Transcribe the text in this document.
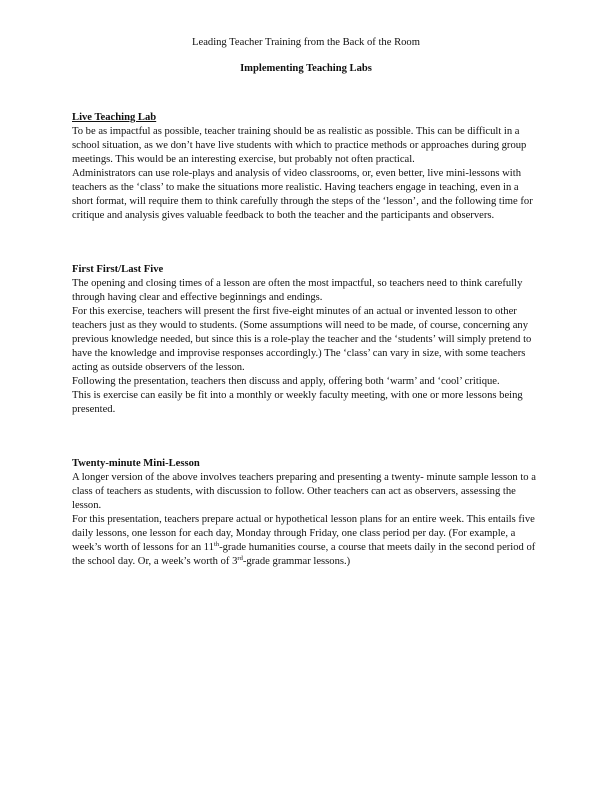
Leading Teacher Training from the Back of the Room

Implementing Teaching Labs

Live Teaching Lab

To be as impactful as possible, teacher training should be as realistic as possible. This can be difficult in a school situation, as we don’t have live students with which to practice methods or approaches during group meetings. This would be an interesting exercise, but probably not often practical.

Administrators can use role-plays and analysis of video classrooms, or, even better, live mini-lessons with teachers as the ‘class’ to make the situations more realistic. Having teachers engage in teaching, even in a short format, will require them to think carefully through the steps of the ‘lesson’, and the following time for critique and analysis gives valuable feedback to both the teacher and the participants and observers.

First First/Last Five

The opening and closing times of a lesson are often the most impactful, so teachers need to think carefully through having clear and effective beginnings and endings.

For this exercise, teachers will present the first five-eight minutes of an actual or invented lesson to other teachers just as they would to students. (Some assumptions will need to be made, of course, concerning any previous knowledge needed, but since this is a role-play the teacher and the ‘students’ will simply pretend to have the knowledge and improvise responses accordingly.) The ‘class’ can vary in size, with some teachers acting as outside observers of the lesson.

Following the presentation, teachers then discuss and apply, offering both ‘warm’ and ‘cool’ critique.

This is exercise can easily be fit into a monthly or weekly faculty meeting, with one or more lessons being presented.

Twenty-minute Mini-Lesson

A longer version of the above involves teachers preparing and presenting a twenty- minute sample lesson to a class of teachers as students, with discussion to follow. Other teachers can act as observers, assessing the lesson.

For this presentation, teachers prepare actual or hypothetical lesson plans for an entire week. This entails five daily lessons, one lesson for each day, Monday through Friday, one class period per day. (For example, a week’s worth of lessons for an 11th-grade humanities course, a course that meets daily in the second period of the school day. Or, a week’s worth of 3rd-grade grammar lessons.)
